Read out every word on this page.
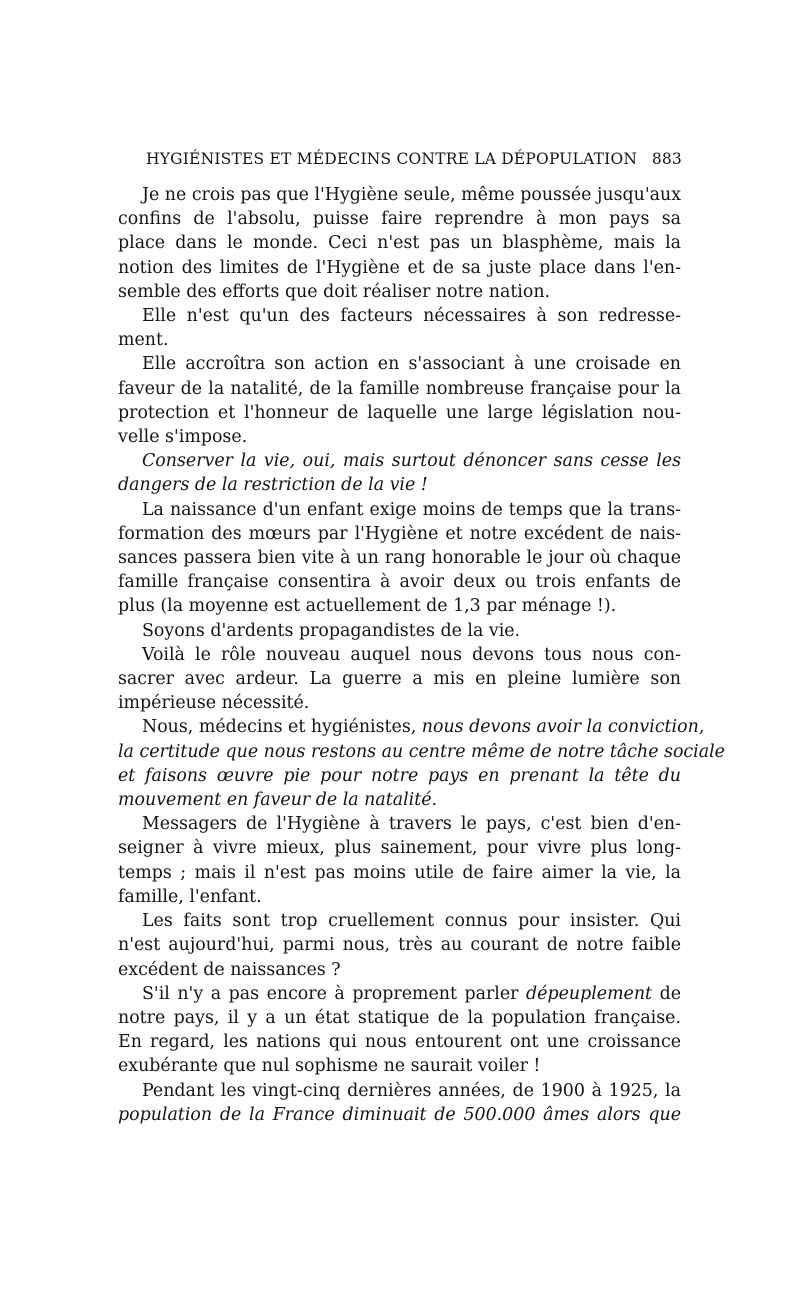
HYGIÉNISTES ET MÉDECINS CONTRE LA DÉPOPULATION 883
Je ne crois pas que l'Hygiène seule, même poussée jusqu'aux
confins de l'absolu, puisse faire reprendre à mon pays sa
place dans le monde. Ceci n'est pas un blasphème, mais la
notion des limites de l'Hygiène et de sa juste place dans l'en-
semble des efforts que doit réaliser notre nation.
Elle n'est qu'un des facteurs nécessaires à son redresse-
ment.
Elle accroîtra son action en s'associant à une croisade en
faveur de la natalité, de la famille nombreuse française pour la
protection et l'honneur de laquelle une large législation nou-
velle s'impose.
Conserver la vie, oui, mais surtout dénoncer sans cesse les
dangers de la restriction de la vie !
La naissance d'un enfant exige moins de temps que la trans-
formation des mœurs par l'Hygiène et notre excédent de nais-
sances passera bien vite à un rang honorable le jour où chaque
famille française consentira à avoir deux ou trois enfants de
plus (la moyenne est actuellement de 1,3 par ménage !).
Soyons d'ardents propagandistes de la vie.
Voilà le rôle nouveau auquel nous devons tous nous con-
sacrer avec ardeur. La guerre a mis en pleine lumière son
impérieuse nécessité.
Nous, médecins et hygiénistes, nous devons avoir la conviction,
la certitude que nous restons au centre même de notre tâche sociale
et faisons œuvre pie pour notre pays en prenant la tête du
mouvement en faveur de la natalité.
Messagers de l'Hygiène à travers le pays, c'est bien d'en-
seigner à vivre mieux, plus sainement, pour vivre plus long-
temps ; mais il n'est pas moins utile de faire aimer la vie, la
famille, l'enfant.
Les faits sont trop cruellement connus pour insister. Qui
n'est aujourd'hui, parmi nous, très au courant de notre faible
excédent de naissances ?
S'il n'y a pas encore à proprement parler dépeuplement de
notre pays, il y a un état statique de la population française.
En regard, les nations qui nous entourent ont une croissance
exubérante que nul sophisme ne saurait voiler !
Pendant les vingt-cinq dernières années, de 1900 à 1925, la
population de la France diminuait de 500.000 âmes alors que
